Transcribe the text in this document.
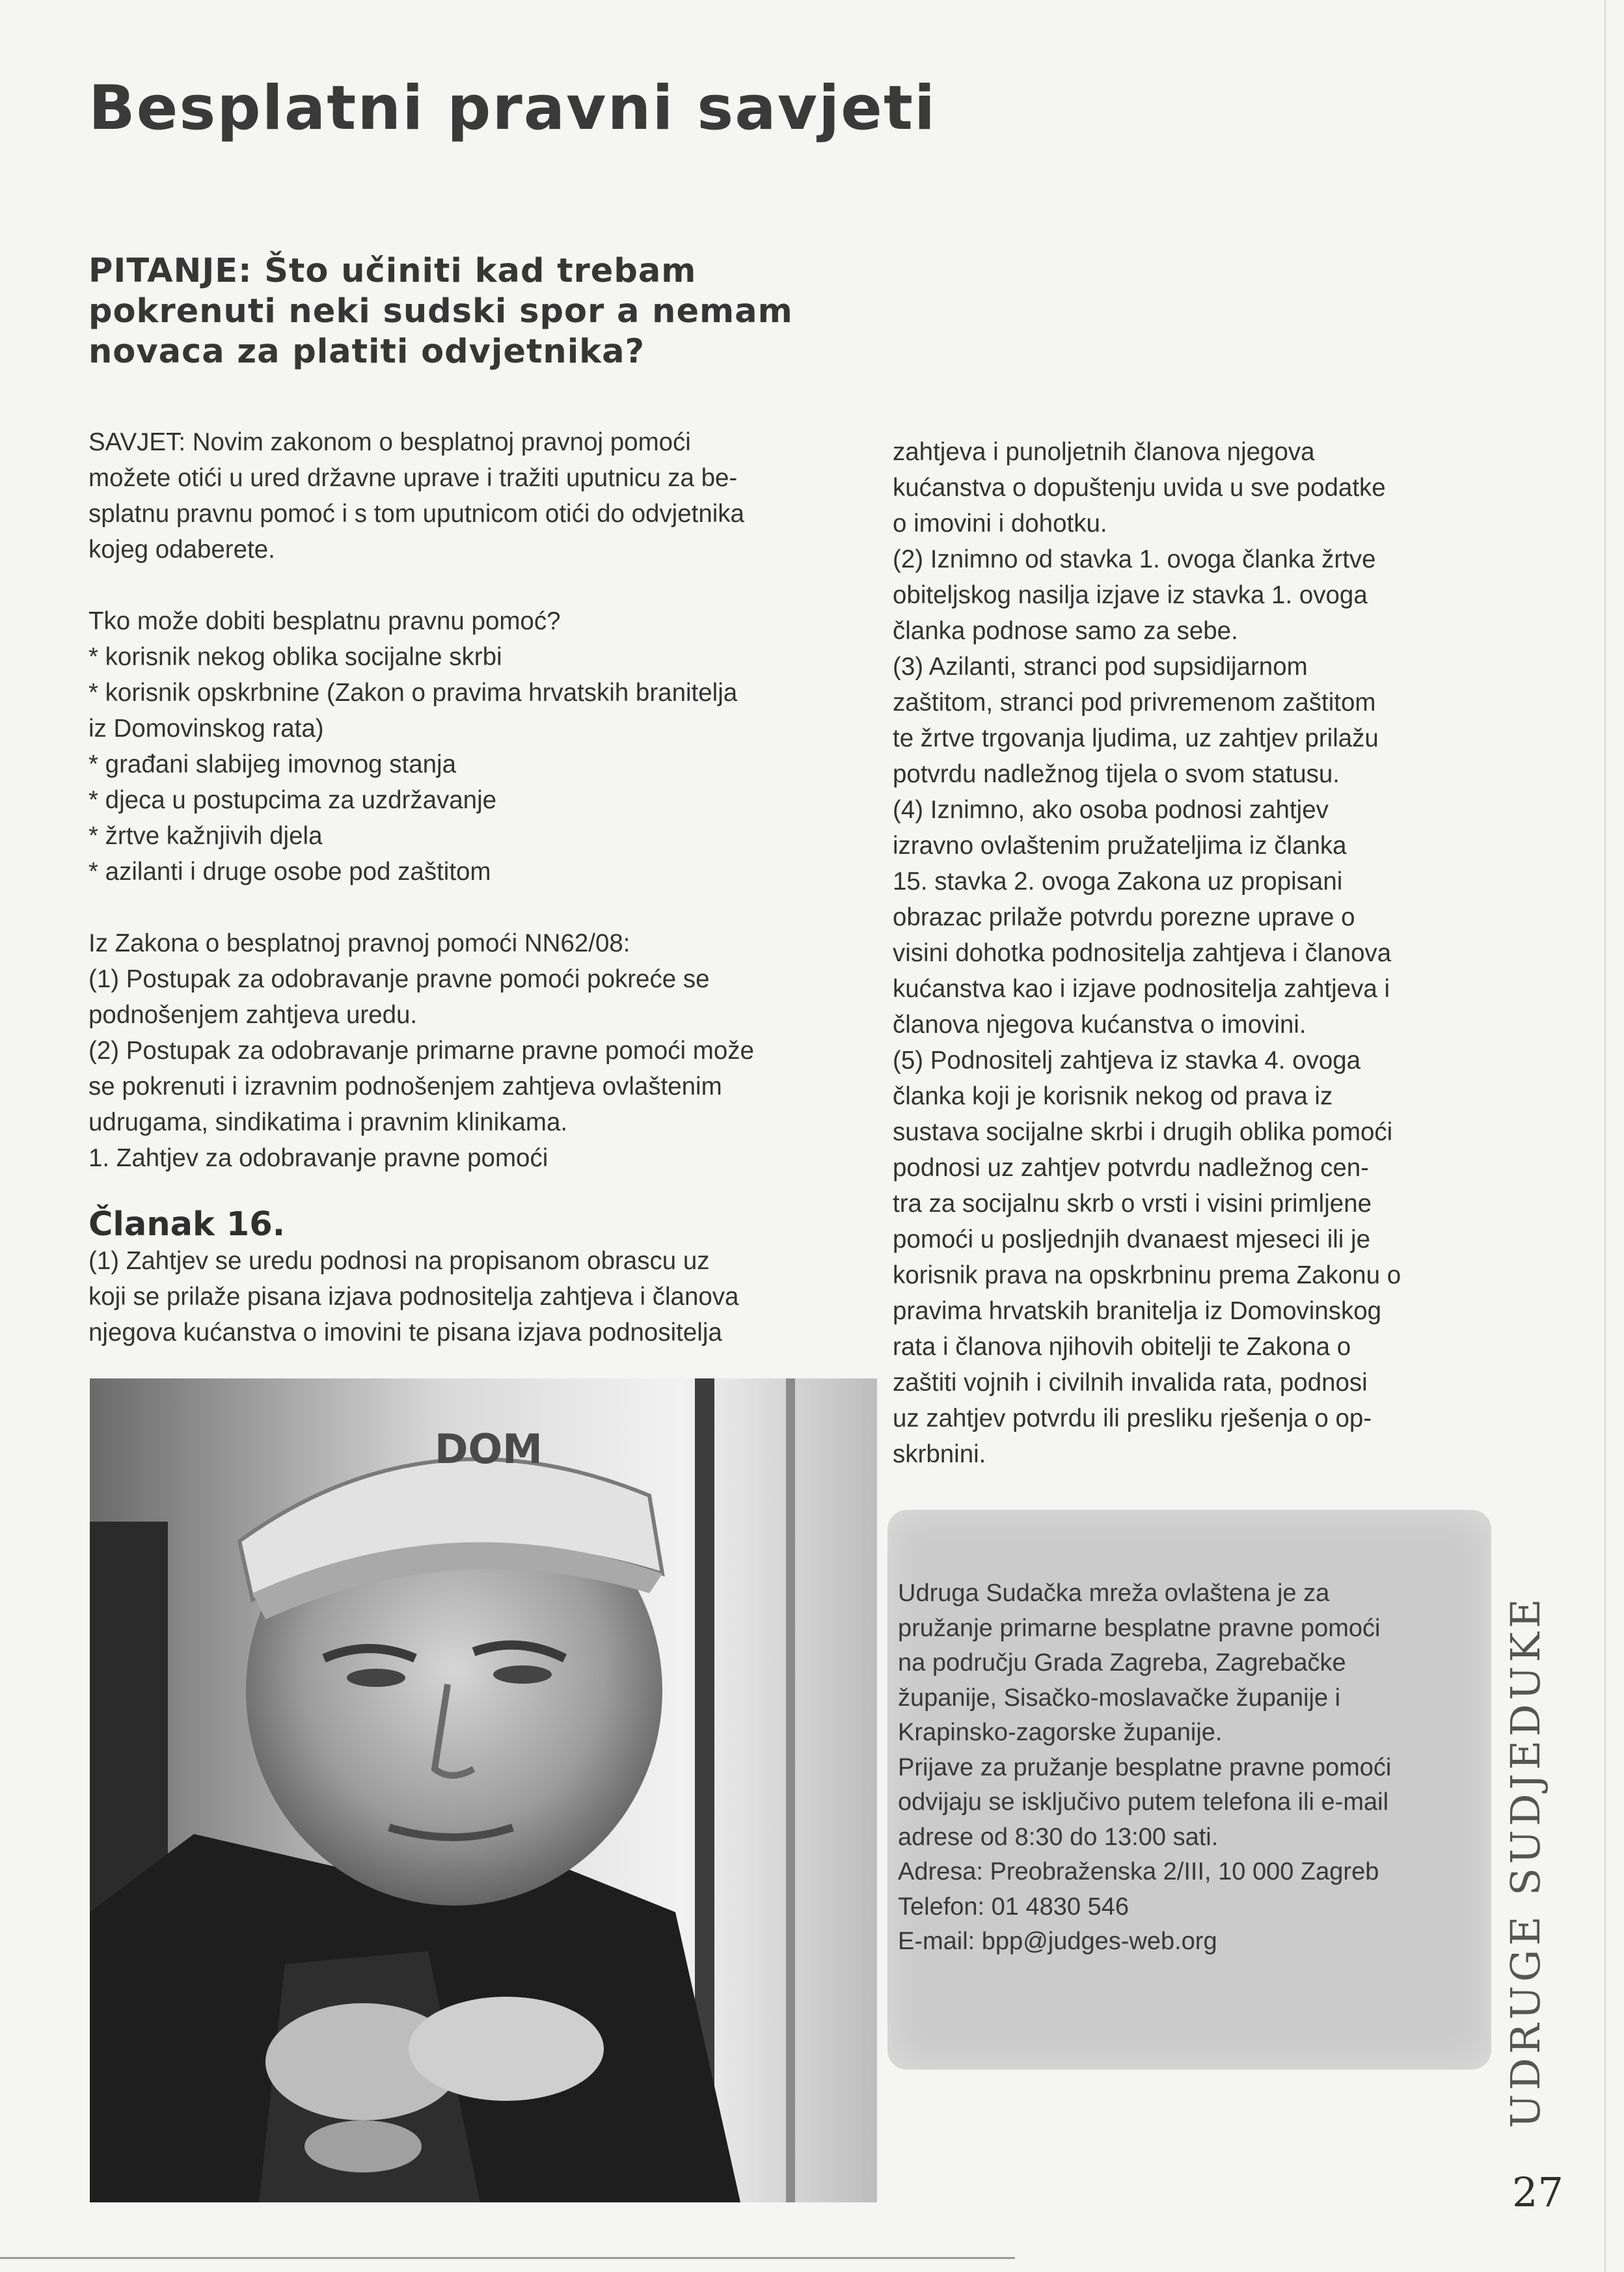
Besplatni pravni savjeti
PITANJE: Što učiniti kad trebam pokrenuti neki sudski spor a nemam novaca za platiti odvjetnika?

SAVJET: Novim zakonom o besplatnoj pravnoj pomoći

možete otići u ured državne uprave i tražiti uputnicu za be-

splatnu pravnu pomoć i s tom uputnicom otići do odvjetnika

kojeg odaberete.

Tko može dobiti besplatnu pravnu pomoć?

* korisnik nekog oblika socijalne skrbi

* korisnik opskrbnine (Zakon o pravima hrvatskih branitelja

iz Domovinskog rata)

* građani slabijeg imovnog stanja

* djeca u postupcima za uzdržavanje

* žrtve kažnjivih djela

* azilanti i druge osobe pod zaštitom

Iz Zakona o besplatnoj pravnoj pomoći NN62/08:

(1) Postupak za odobravanje pravne pomoći pokreće se

podnošenjem zahtjeva uredu.

(2) Postupak za odobravanje primarne pravne pomoći može

se pokrenuti i izravnim podnošenjem zahtjeva ovlaštenim

udrugama, sindikatima i pravnim klinikama.

1. Zahtjev za odobravanje pravne pomoći

Članak 16.

(1) Zahtjev se uredu podnosi na propisanom obrascu uz

koji se prilaže pisana izjava podnositelja zahtjeva i članova

njegova kućanstva o imovini te pisana izjava podnositelja

zahtjeva i punoljetnih članova njegova

kućanstva o dopuštenju uvida u sve podatke

o imovini i dohotku.

(2) Iznimno od stavka 1. ovoga članka žrtve

obiteljskog nasilja izjave iz stavka 1. ovoga

članka podnose samo za sebe.

(3) Azilanti, stranci pod supsidijarnom

zaštitom, stranci pod privremenom zaštitom

te žrtve trgovanja ljudima, uz zahtjev prilažu

potvrdu nadležnog tijela o svom statusu.

(4) Iznimno, ako osoba podnosi zahtjev

izravno ovlaštenim pružateljima iz članka

15. stavka 2. ovoga Zakona uz propisani

obrazac prilaže potvrdu porezne uprave o

visini dohotka podnositelja zahtjeva i članova

kućanstva kao i izjave podnositelja zahtjeva i

članova njegova kućanstva o imovini.

(5) Podnositelj zahtjeva iz stavka 4. ovoga

članka koji je korisnik nekog od prava iz

sustava socijalne skrbi i drugih oblika pomoći

podnosi uz zahtjev potvrdu nadležnog cen-

tra za socijalnu skrb o vrsti i visini primljene

pomoći u posljednjih dvanaest mjeseci ili je

korisnik prava na opskrbninu prema Zakonu o

pravima hrvatskih branitelja iz Domovinskog

rata i članova njihovih obitelji te Zakona o

zaštiti vojnih i civilnih invalida rata, podnosi

uz zahtjev potvrdu ili presliku rješenja o op-

skrbnini.

DOM

Udruga Sudačka mreža ovlaštena je za

pružanje primarne besplatne pravne pomoći

na području Grada Zagreba, Zagrebačke

županije, Sisačko-moslavačke županije i

Krapinsko-zagorske županije.

Prijave za pružanje besplatne pravne pomoći

odvijaju se isključivo putem telefona ili e-mail

adrese od 8:30 do 13:00 sati.

Adresa: Preobraženska 2/III, 10 000 Zagreb

Telefon: 01 4830 546

E-mail: bpp@judges-web.org	UDRUGE SUDJEDUKE
27
